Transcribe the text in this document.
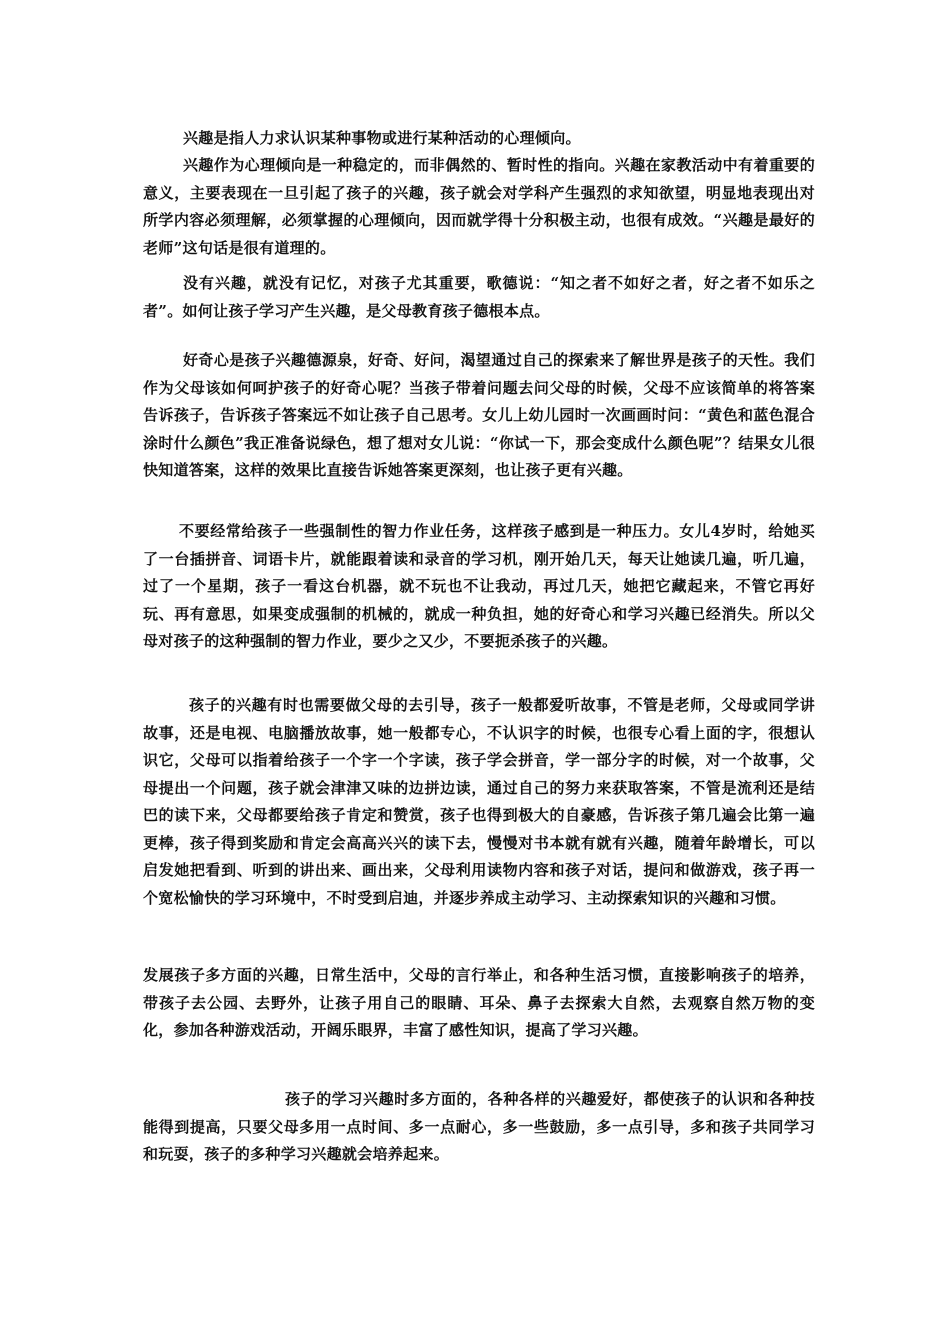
兴趣是指人力求认识某种事物或进行某种活动的心理倾向。

兴趣作为心理倾向是一种稳定的，而非偶然的、暂时性的指向。兴趣在家教活动中有着重要的意义，主要表现在一旦引起了孩子的兴趣，孩子就会对学科产生强烈的求知欲望，明显地表现出对所学内容必须理解，必须掌握的心理倾向，因而就学得十分积极主动，也很有成效。“兴趣是最好的老师”这句话是很有道理的。

没有兴趣，就没有记忆，对孩子尤其重要，歌德说：“知之者不如好之者，好之者不如乐之者”。如何让孩子学习产生兴趣，是父母教育孩子德根本点。

好奇心是孩子兴趣德源泉，好奇、好问，渴望通过自己的探索来了解世界是孩子的天性。我们作为父母该如何呵护孩子的好奇心呢？当孩子带着问题去问父母的时候，父母不应该简单的将答案告诉孩子，告诉孩子答案远不如让孩子自己思考。女儿上幼儿园时一次画画时问：“黄色和蓝色混合涂时什么颜色”我正准备说绿色，想了想对女儿说：“你试一下，那会变成什么颜色呢”？结果女儿很快知道答案，这样的效果比直接告诉她答案更深刻，也让孩子更有兴趣。

不要经常给孩子一些强制性的智力作业任务，这样孩子感到是一种压力。女儿4岁时，给她买了一台插拼音、词语卡片，就能跟着读和录音的学习机，刚开始几天，每天让她读几遍，听几遍，过了一个星期，孩子一看这台机器，就不玩也不让我动，再过几天，她把它藏起来，不管它再好玩、再有意思，如果变成强制的机械的，就成一种负担，她的好奇心和学习兴趣已经消失。所以父母对孩子的这种强制的智力作业，要少之又少，不要扼杀孩子的兴趣。

孩子的兴趣有时也需要做父母的去引导，孩子一般都爱听故事，不管是老师，父母或同学讲故事，还是电视、电脑播放故事，她一般都专心，不认识字的时候，也很专心看上面的字，很想认识它，父母可以指着给孩子一个字一个字读，孩子学会拼音，学一部分字的时候，对一个故事，父母提出一个问题，孩子就会津津又味的边拼边读，通过自己的努力来获取答案，不管是流利还是结巴的读下来，父母都要给孩子肯定和赞赏，孩子也得到极大的自豪感，告诉孩子第几遍会比第一遍更棒，孩子得到奖励和肯定会高高兴兴的读下去，慢慢对书本就有就有兴趣，随着年龄增长，可以启发她把看到、听到的讲出来、画出来，父母利用读物内容和孩子对话，提问和做游戏，孩子再一个宽松愉快的学习环境中，不时受到启迪，并逐步养成主动学习、主动探索知识的兴趣和习惯。

发展孩子多方面的兴趣，日常生活中，父母的言行举止，和各种生活习惯，直接影响孩子的培养，带孩子去公园、去野外，让孩子用自己的眼睛、耳朵、鼻子去探索大自然，去观察自然万物的变化，参加各种游戏活动，开阔乐眼界，丰富了感性知识，提高了学习兴趣。

孩子的学习兴趣时多方面的，各种各样的兴趣爱好，都使孩子的认识和各种技能得到提高，只要父母多用一点时间、多一点耐心，多一些鼓励，多一点引导，多和孩子共同学习和玩耍，孩子的多种学习兴趣就会培养起来。
